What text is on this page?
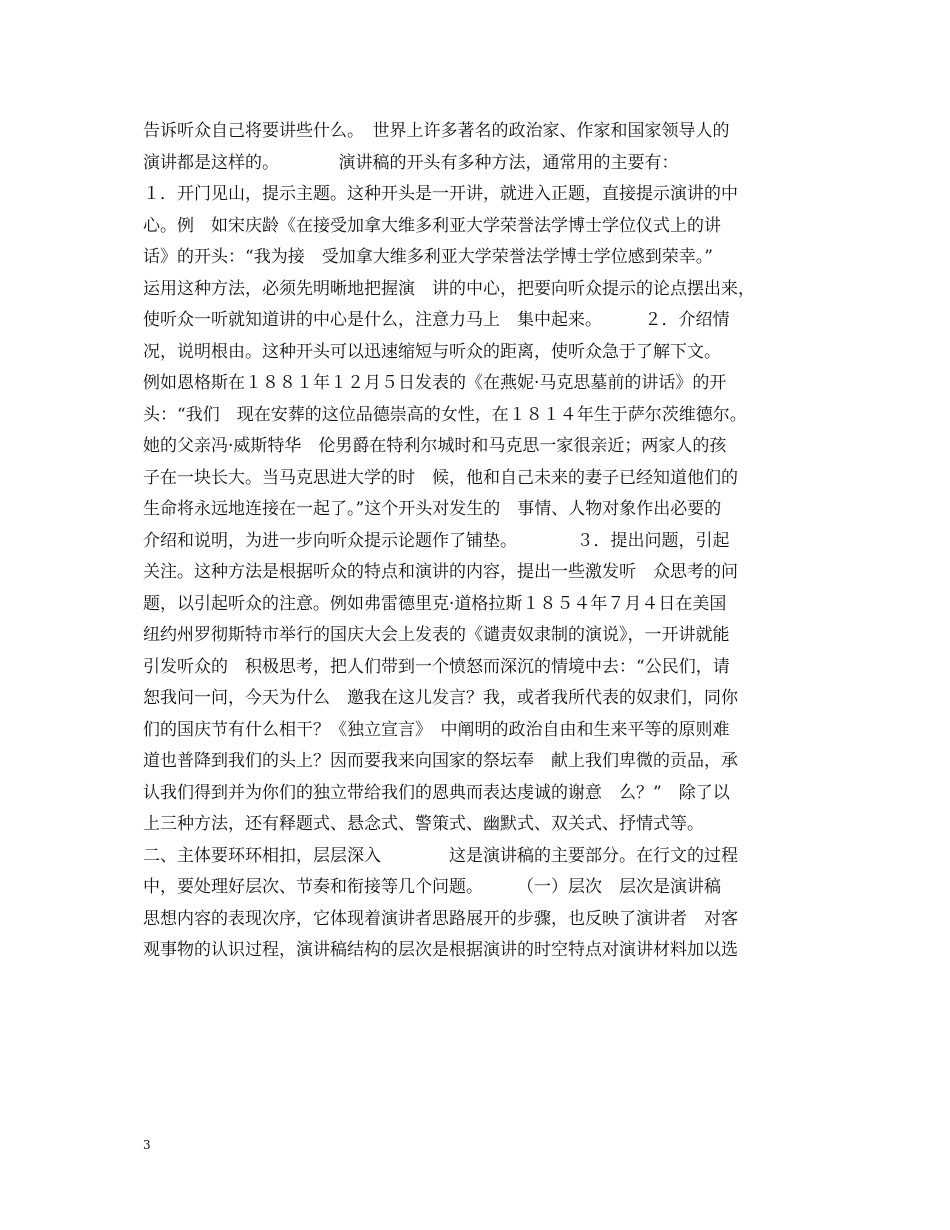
告诉听众自己将要讲些什么。　世界上许多著名的政治家、作家和国家领导人的
演讲都是这样的。　　　　演讲稿的开头有多种方法，通常用的主要有：
１．开门见山，提示主题。这种开头是一开讲，就进入正题，直接提示演讲的中
心。例　如宋庆龄《在接受加拿大维多利亚大学荣誉法学博士学位仪式上的讲
话》的开头：“我为接　受加拿大维多利亚大学荣誉法学博士学位感到荣幸。”
运用这种方法，必须先明晰地把握演　讲的中心，把要向听众提示的论点摆出来，
使听众一听就知道讲的中心是什么，注意力马上　集中起来。　　　２．介绍情
况，说明根由。这种开头可以迅速缩短与听众的距离，使听众急于了解下文。
例如恩格斯在１８８１年１２月５日发表的《在燕妮·马克思墓前的讲话》的开
头：“我们　现在安葬的这位品德崇高的女性，在１８１４年生于萨尔茨维德尔。
她的父亲冯·威斯特华　伦男爵在特利尔城时和马克思一家很亲近；两家人的孩
子在一块长大。当马克思进大学的时　候，他和自己未来的妻子已经知道他们的
生命将永远地连接在一起了。”这个开头对发生的　事情、人物对象作出必要的
介绍和说明，为进一步向听众提示论题作了铺垫。　　　　３．提出问题，引起
关注。这种方法是根据听众的特点和演讲的内容，提出一些激发听　众思考的问
题，以引起听众的注意。例如弗雷德里克·道格拉斯１８５４年７月４日在美国
纽约州罗彻斯特市举行的国庆大会上发表的《谴责奴隶制的演说》，一开讲就能
引发听众的　积极思考，把人们带到一个愤怒而深沉的情境中去：“公民们，请
恕我问一问，今天为什么　邀我在这儿发言？我，或者我所代表的奴隶们，同你
们的国庆节有什么相干？《独立宣言》　中阐明的政治自由和生来平等的原则难
道也普降到我们的头上？因而要我来向国家的祭坛奉　献上我们卑微的贡品，承
认我们得到并为你们的独立带给我们的恩典而表达虔诚的谢意　么？”　除了以
上三种方法，还有释题式、悬念式、警策式、幽默式、双关式、抒情式等。
二、主体要环环相扣，层层深入　　　　这是演讲稿的主要部分。在行文的过程
中，要处理好层次、节奏和衔接等几个问题。　　　（一）层次　层次是演讲稿
思想内容的表现次序，它体现着演讲者思路展开的步骤，也反映了演讲者　对客
观事物的认识过程，演讲稿结构的层次是根据演讲的时空特点对演讲材料加以选
3
